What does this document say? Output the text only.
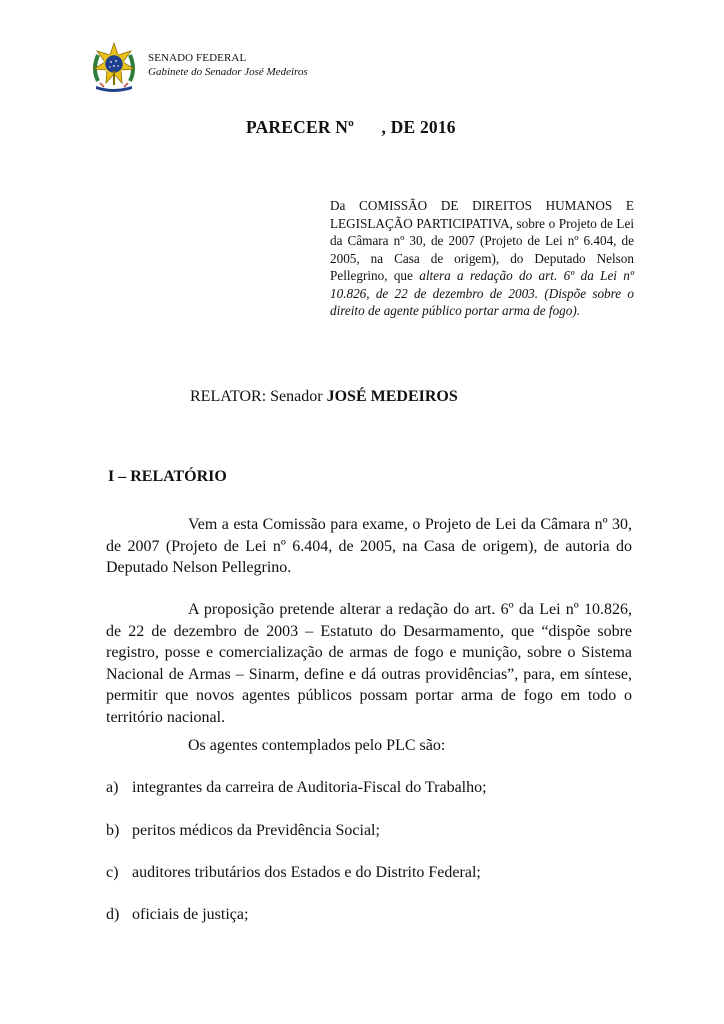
SENADO FEDERAL
Gabinete do Senador José Medeiros
PARECER Nº      , DE 2016
Da COMISSÃO DE DIREITOS HUMANOS E LEGISLAÇÃO PARTICIPATIVA, sobre o Projeto de Lei da Câmara nº 30, de 2007 (Projeto de Lei nº 6.404, de 2005, na Casa de origem), do Deputado Nelson Pellegrino, que altera a redação do art. 6º da Lei nº 10.826, de 22 de dezembro de 2003. (Dispõe sobre o direito de agente público portar arma de fogo).
RELATOR: Senador JOSÉ MEDEIROS
I – RELATÓRIO
Vem a esta Comissão para exame, o Projeto de Lei da Câmara nº 30, de 2007 (Projeto de Lei nº 6.404, de 2005, na Casa de origem), de autoria do Deputado Nelson Pellegrino.
A proposição pretende alterar a redação do art. 6º da Lei nº 10.826, de 22 de dezembro de 2003 – Estatuto do Desarmamento, que “dispõe sobre registro, posse e comercialização de armas de fogo e munição, sobre o Sistema Nacional de Armas – Sinarm, define e dá outras providências”, para, em síntese, permitir que novos agentes públicos possam portar arma de fogo em todo o território nacional.
Os agentes contemplados pelo PLC são:
a) integrantes da carreira de Auditoria-Fiscal do Trabalho;
b) peritos médicos da Previdência Social;
c) auditores tributários dos Estados e do Distrito Federal;
d) oficiais de justiça;
